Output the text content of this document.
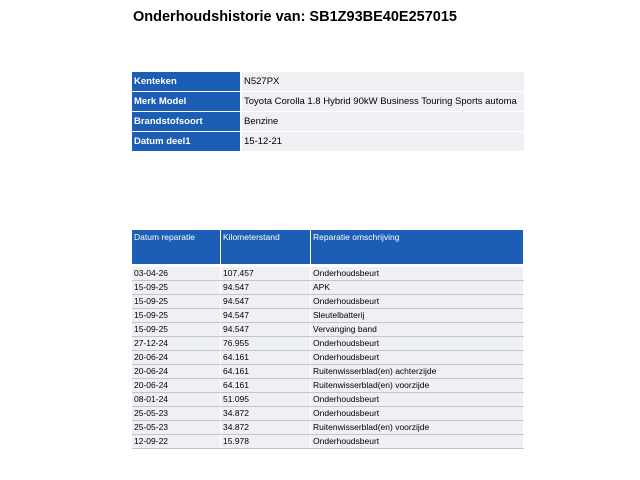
Onderhoudshistorie van: SB1Z93BE40E257015
Kenteken	N527PX
Merk Model	Toyota Corolla 1.8 Hybrid 90kW Business Touring Sports automa
Brandstofsoort	Benzine
Datum deel1	15-12-21
Datum reparatie	Kilometerstand	Reparatie omschrijving

03-04-26	107.457	Onderhoudsbeurt
15-09-25	94.547	APK
15-09-25	94.547	Onderhoudsbeurt
15-09-25	94.547	Sleutelbatterij
15-09-25	94.547	Vervanging band
27-12-24	76.955	Onderhoudsbeurt
20-06-24	64.161	Onderhoudsbeurt
20-06-24	64.161	Ruitenwisserblad(en) achterzijde
20-06-24	64.161	Ruitenwisserblad(en) voorzijde
08-01-24	51.095	Onderhoudsbeurt
25-05-23	34.872	Onderhoudsbeurt
25-05-23	34.872	Ruitenwisserblad(en) voorzijde
12-09-22	15.978	Onderhoudsbeurt
